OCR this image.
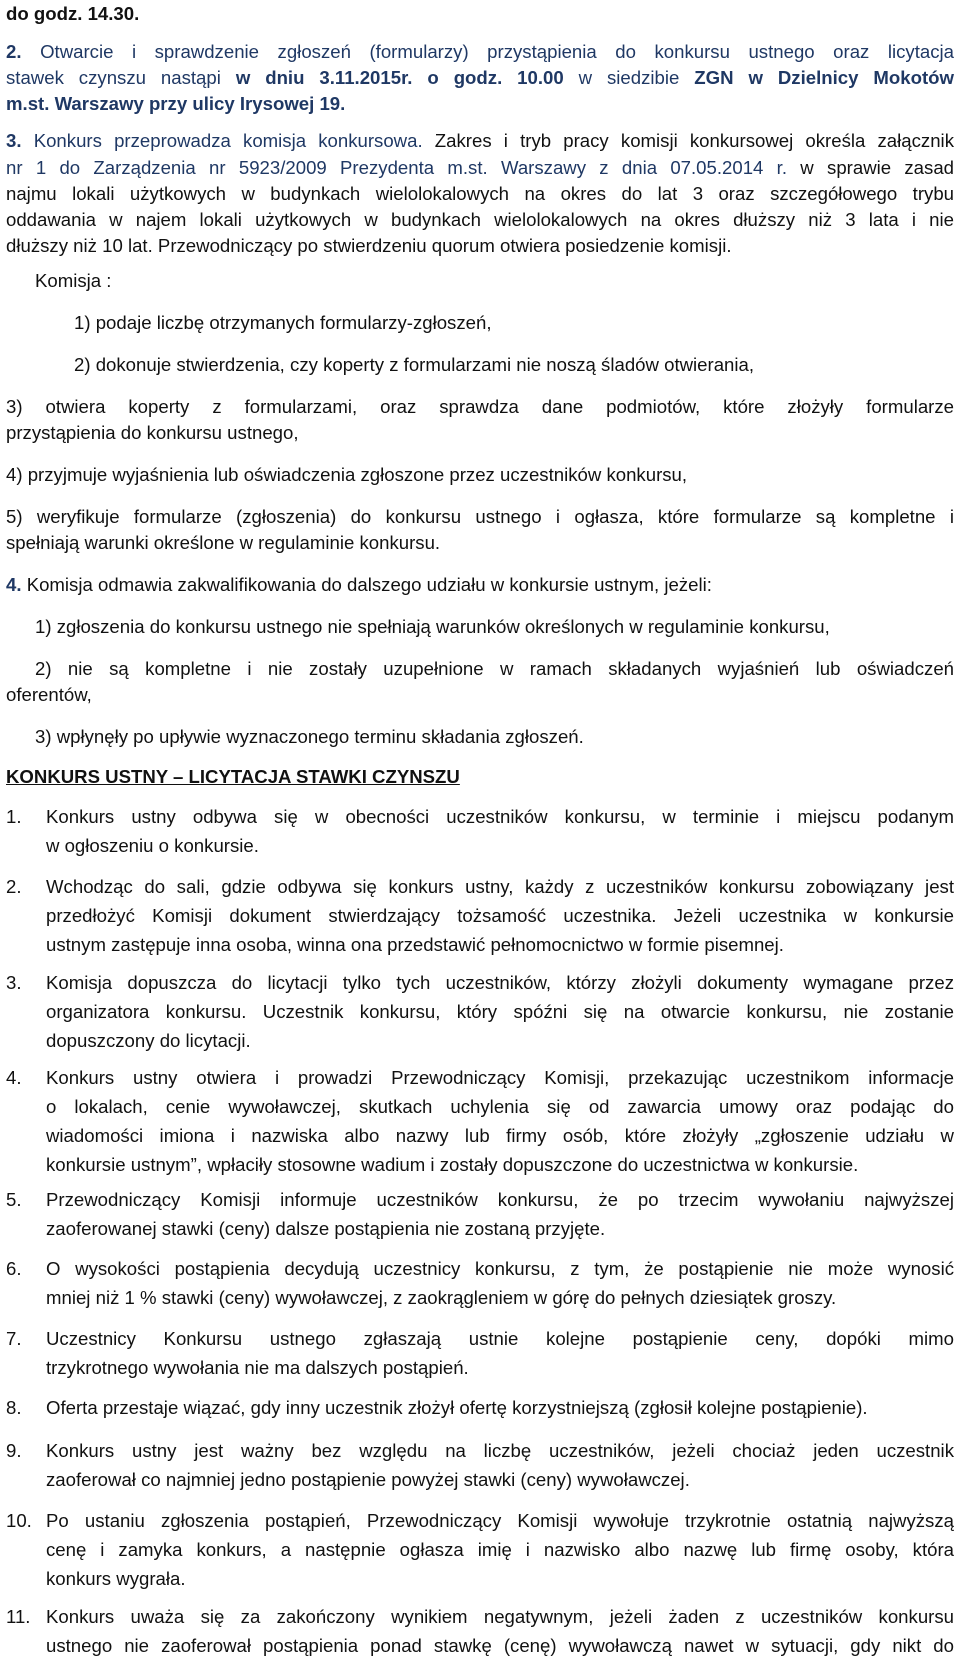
do godz. 14.30.
2. Otwarcie i sprawdzenie zgłoszeń (formularzy) przystąpienia do konkursu ustnego oraz licytacja
stawek czynszu nastąpi w dniu 3.11.2015r. o godz. 10.00 w siedzibie ZGN w Dzielnicy Mokotów
m.st. Warszawy przy ulicy Irysowej 19.
3. Konkurs przeprowadza komisja konkursowa. Zakres i tryb pracy komisji konkursowej określa załącznik
nr 1 do Zarządzenia nr 5923/2009 Prezydenta m.st. Warszawy z dnia 07.05.2014 r. w sprawie zasad
najmu lokali użytkowych w budynkach wielolokalowych na okres do lat 3 oraz szczegółowego trybu
oddawania w najem lokali użytkowych w budynkach wielolokalowych na okres dłuższy niż 3 lata i nie
dłuższy niż 10 lat. Przewodniczący po stwierdzeniu quorum otwiera posiedzenie komisji.
Komisja :
1) podaje liczbę otrzymanych formularzy-zgłoszeń,
2) dokonuje stwierdzenia, czy koperty z formularzami nie noszą śladów otwierania,
3) otwiera koperty z formularzami, oraz sprawdza dane podmiotów, które złożyły formularze
przystąpienia do konkursu ustnego,
4) przyjmuje wyjaśnienia lub oświadczenia zgłoszone przez uczestników konkursu,
5) weryfikuje formularze (zgłoszenia) do konkursu ustnego i ogłasza, które formularze są kompletne i
spełniają warunki określone w regulaminie konkursu.
4. Komisja odmawia zakwalifikowania do dalszego udziału w konkursie ustnym, jeżeli:
1) zgłoszenia do konkursu ustnego nie spełniają warunków określonych w regulaminie konkursu,
2) nie są kompletne i nie zostały uzupełnione w ramach składanych wyjaśnień lub oświadczeń
oferentów,
3) wpłynęły po upływie wyznaczonego terminu składania zgłoszeń.
KONKURS USTNY – LICYTACJA STAWKI CZYNSZU
1. Konkurs ustny odbywa się w obecności uczestników konkursu, w terminie i miejscu podanym
w ogłoszeniu o konkursie.
2. Wchodząc do sali, gdzie odbywa się konkurs ustny, każdy z uczestników konkursu zobowiązany jest
przedłożyć Komisji dokument stwierdzający tożsamość uczestnika. Jeżeli uczestnika w konkursie
ustnym zastępuje inna osoba, winna ona przedstawić pełnomocnictwo w formie pisemnej.
3. Komisja dopuszcza do licytacji tylko tych uczestników, którzy złożyli dokumenty wymagane przez
organizatora konkursu. Uczestnik konkursu, który spóźni się na otwarcie konkursu, nie zostanie
dopuszczony do licytacji.
4. Konkurs ustny otwiera i prowadzi Przewodniczący Komisji, przekazując uczestnikom informacje
o lokalach, cenie wywoławczej, skutkach uchylenia się od zawarcia umowy oraz podając do
wiadomości imiona i nazwiska albo nazwy lub firmy osób, które złożyły „zgłoszenie udziału w
konkursie ustnym”, wpłaciły stosowne wadium i zostały dopuszczone do uczestnictwa w konkursie.
5. Przewodniczący Komisji informuje uczestników konkursu, że po trzecim wywołaniu najwyższej
zaoferowanej stawki (ceny) dalsze postąpienia nie zostaną przyjęte.
6. O wysokości postąpienia decydują uczestnicy konkursu, z tym, że postąpienie nie może wynosić
mniej niż 1 % stawki (ceny) wywoławczej, z zaokrągleniem w górę do pełnych dziesiątek groszy.
7. Uczestnicy Konkursu ustnego zgłaszają ustnie kolejne postąpienie ceny, dopóki mimo
trzykrotnego wywołania nie ma dalszych postąpień.
8. Oferta przestaje wiązać, gdy inny uczestnik złożył ofertę korzystniejszą (zgłosił kolejne postąpienie).
9. Konkurs ustny jest ważny bez względu na liczbę uczestników, jeżeli chociaż jeden uczestnik
zaoferował co najmniej jedno postąpienie powyżej stawki (ceny) wywoławczej.
10. Po ustaniu zgłoszenia postąpień, Przewodniczący Komisji wywołuje trzykrotnie ostatnią najwyższą
cenę i zamyka konkurs, a następnie ogłasza imię i nazwisko albo nazwę lub firmę osoby, która
konkurs wygrała.
11. Konkurs uważa się za zakończony wynikiem negatywnym, jeżeli żaden z uczestników konkursu
ustnego nie zaoferował postąpienia ponad stawkę (cenę) wywoławczą nawet w sytuacji, gdy nikt do
